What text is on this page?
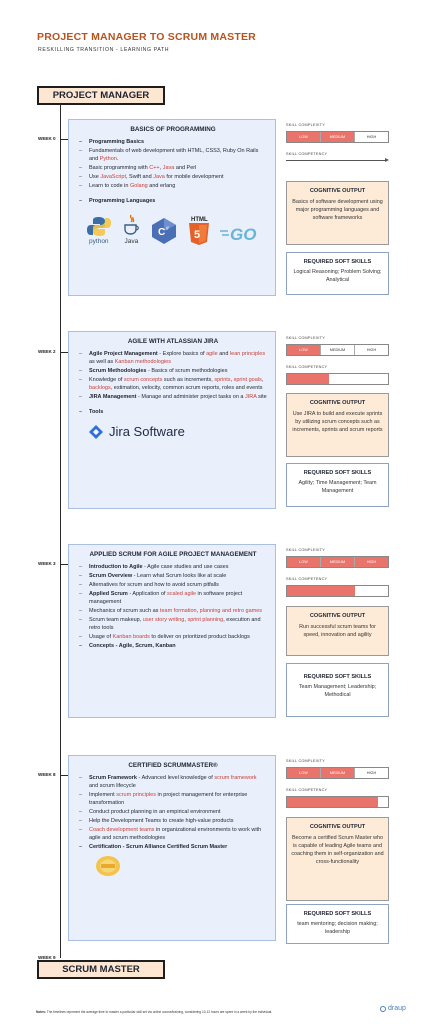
PROJECT MANAGER TO SCRUM MASTER
RESKILLING TRANSITION - LEARNING PATH
PROJECT MANAGER
WEEK 0
BASICS OF PROGRAMMING
– Programming Basics
– Fundamentals of web development with HTML, CSS3, Ruby On Rails and Python.
– Basic programming with C++, Java and Perl
– Use JavaScript, Swift and Java for mobile development
– Learn to code in Golang and erlang
– Programming Languages
python Java
C #
HTML
5 GO
SKILL COMPLEXITY
LOW	MEDIUM	HIGH
SKILL COMPETENCY
COGNITIVE OUTPUT
Basics of software development using major programming languages and software frameworks
REQUIRED SOFT SKILLS
Logical Reasoning; Problem Solving; Analytical
WEEK 2
AGILE WITH ATLASSIAN JIRA
– Agile Project Management - Explore basics of agile and lean principles as well as Kanban methodologies
– Scrum Methodologies - Basics of scrum methodologies
– Knowledge of scrum concepts such as increments, sprints, sprint goals, backlogs, estimation, velocity, common scrum reports, roles and events
– JIRA Management - Manage and administer project tasks on a JIRA site
– Tools
Jira Software
SKILL COMPLEXITY
LOW	MEDIUM	HIGH
SKILL COMPETENCY
COGNITIVE OUTPUT
Use JIRA to build and execute sprints by utilizing scrum concepts such as increments, sprints and scrum reports
REQUIRED SOFT SKILLS
Agility; Time Management; Team Management
WEEK 3
APPLIED SCRUM FOR AGILE PROJECT MANAGEMENT
– Introduction to Agile - Agile case studies and use cases
– Scrum Overview - Learn what Scrum looks like at scale
– Alternatives for scrum and how to avoid scrum pitfalls
– Applied Scrum - Application of scaled agile in software project management
– Mechanics of scrum such as team formation, planning and retro games
– Scrum team makeup, user story writing, sprint planning, execution and retro tools
– Usage of Kanban boards to deliver on prioritized product backlogs
– Concepts - Agile, Scrum, Kanban
SKILL COMPLEXITY
LOW	MEDIUM	HIGH
SKILL COMPETENCY
COGNITIVE OUTPUT
Run successful scrum teams for speed, innovation and agility
REQUIRED SOFT SKILLS
Team Management; Leadership; Methodical
WEEK 8
CERTIFIED SCRUMMASTER®
– Scrum Framework - Advanced level knowledge of scrum framework and scrum lifecycle
– Implement scrum principles in project management for enterprise transformation
– Conduct product planning in an empirical environment
– Help the Development Teams to create high-value products
– Coach development teams in organizational environments to work with agile and scrum methodologies
– Certification - Scrum Alliance Certified Scrum Master
SKILL COMPLEXITY
LOW	MEDIUM	HIGH
SKILL COMPETENCY
COGNITIVE OUTPUT
Become a certified Scrum Master who is capable of leading Agile teams and coaching them in self-organization and cross-functionality
REQUIRED SOFT SKILLS
team mentoring; decision making; leadership
WEEK 9
SCRUM MASTER
Notes: The timelines represent the average time to master a particular skill set via online course/training, considering 10-12 hours are spent in a week by the individual.	draup
